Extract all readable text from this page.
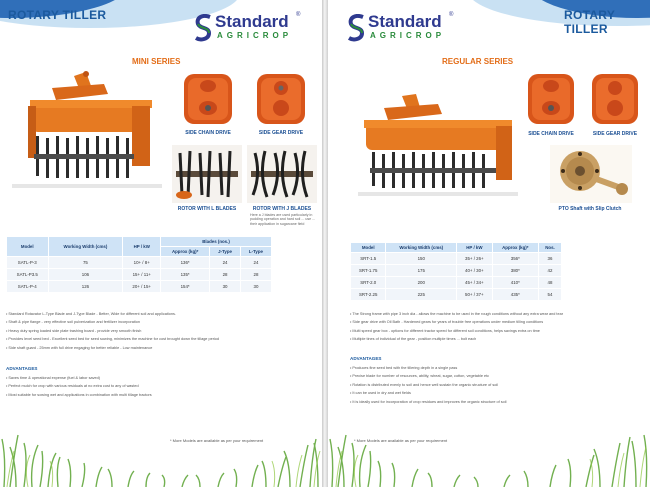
ROTARY TILLER	Standard ®
AGRICROP
MINI SERIES
SIDE CHAIN DRIVE	SIDE GEAR DRIVE
ROTOR WITH L BLADES	ROTOR WITH J BLADES
Here a J blades are used particularly in pudding operation and hard soil ... use ... their application in sugarcane field
Model	Working Width (cms)	HP / kW	Blades (nos.)		
			Approx (kg)*	J-Type	L-Type
SATL-P-3	75	10+ / 8+	136*	24	24
SATL-P3.5	106	15+ / 11+	135*	28	28
SATL-P-4	126	20+ / 15+	154*	30	30
• Standard Rotavator L-Type Blade and J-Type Blade - Better, Wide for different soil and applications.
• Shaft & pipe flange - very effective soil pulverization and fertilizer incorporation
• Heavy duty spring loaded side plate trashing board - provide very smooth finish
• Provides level seed bed - Excellent seed bed for seed sowing, minimizes the machine for cost brought down the tillage period
• Side shaft guard - 25mm with full drive engaging for better reliable - Low maintenance
ADVANTAGES
• Saves time & operational expense (fuel & labor saved)
• Perfect mulch for crop with various residuals at no extra cost to any of wasted
• Most suitable for sowing wet and applications in combination with multi tillage tractors
* More Models are available as per your requirement
Standard ®
AGRICROP
ROTARY TILLER
REGULAR SERIES
SIDE CHAIN DRIVE	SIDE GEAR DRIVE
PTO Shaft with Slip Clutch
Model	Working Width (cms)	HP / kW	Approx (kg)*	Nos.
SRT-1.5	150	35+ / 26+	356*	36
SRT-1.75	175	40+ / 30+	380*	42
SRT-2.0	200	45+ / 34+	410*	48
SRT-2.25	225	50+ / 37+	435*	54
• The Strong frame with pipe 3 inch dia - allows the machine to be used in the rough conditions without any extra wear and tear
• Side gear drive with Oil Bath - Hardened gears for years of trouble free operations under medium tilling conditions
• Multi speed gear box - options for different tractor speed for different soil conditions, helps savings extra on time
• Multiple tines of individual of the gear - position multiple times ... bolt each
ADVANTAGES
• Produces fine seed bed with the tillering depth in a single pass
• Precise blade for number of resources, ability, wheat, sugar, cotton, vegetable etc
• Rotation is distributed evenly to soil and hence well sustain the organic structure of soil
• It can be used in dry and wet fields
• It is ideally used for incorporation of crop residues and improves the organic structure of soil
* More Models are available as per your requirement
